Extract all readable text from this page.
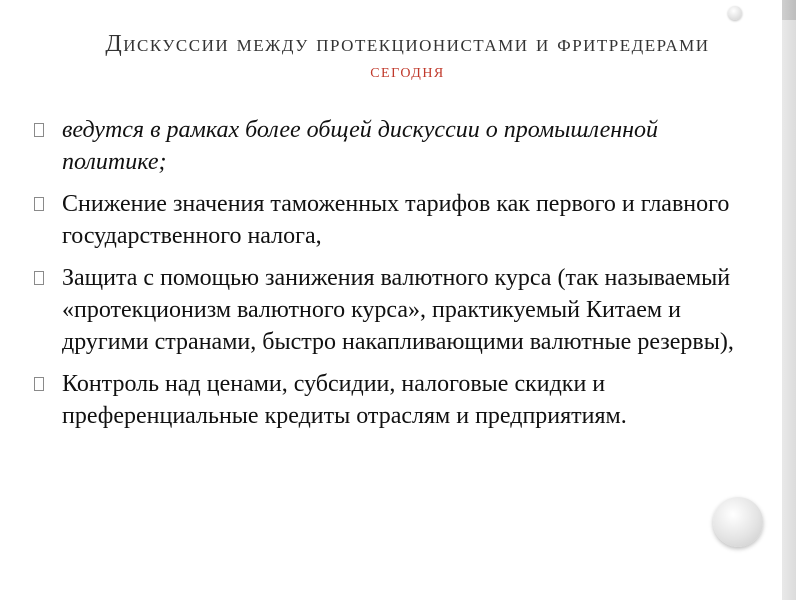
Дискуссии между протекционистами и фритредерами
сегодня
ведутся в рамках более общей дискуссии о промышленной политике;
Снижение значения таможенных тарифов как первого и главного государственного налога,
Защита с помощью занижения валютного курса (так называемый «протекционизм валютного курса», практикуемый Китаем и другими странами, быстро накапливающими валютные резервы),
Контроль над ценами, субсидии, налоговые скидки и преференциальные кредиты отраслям и предприятиям.
